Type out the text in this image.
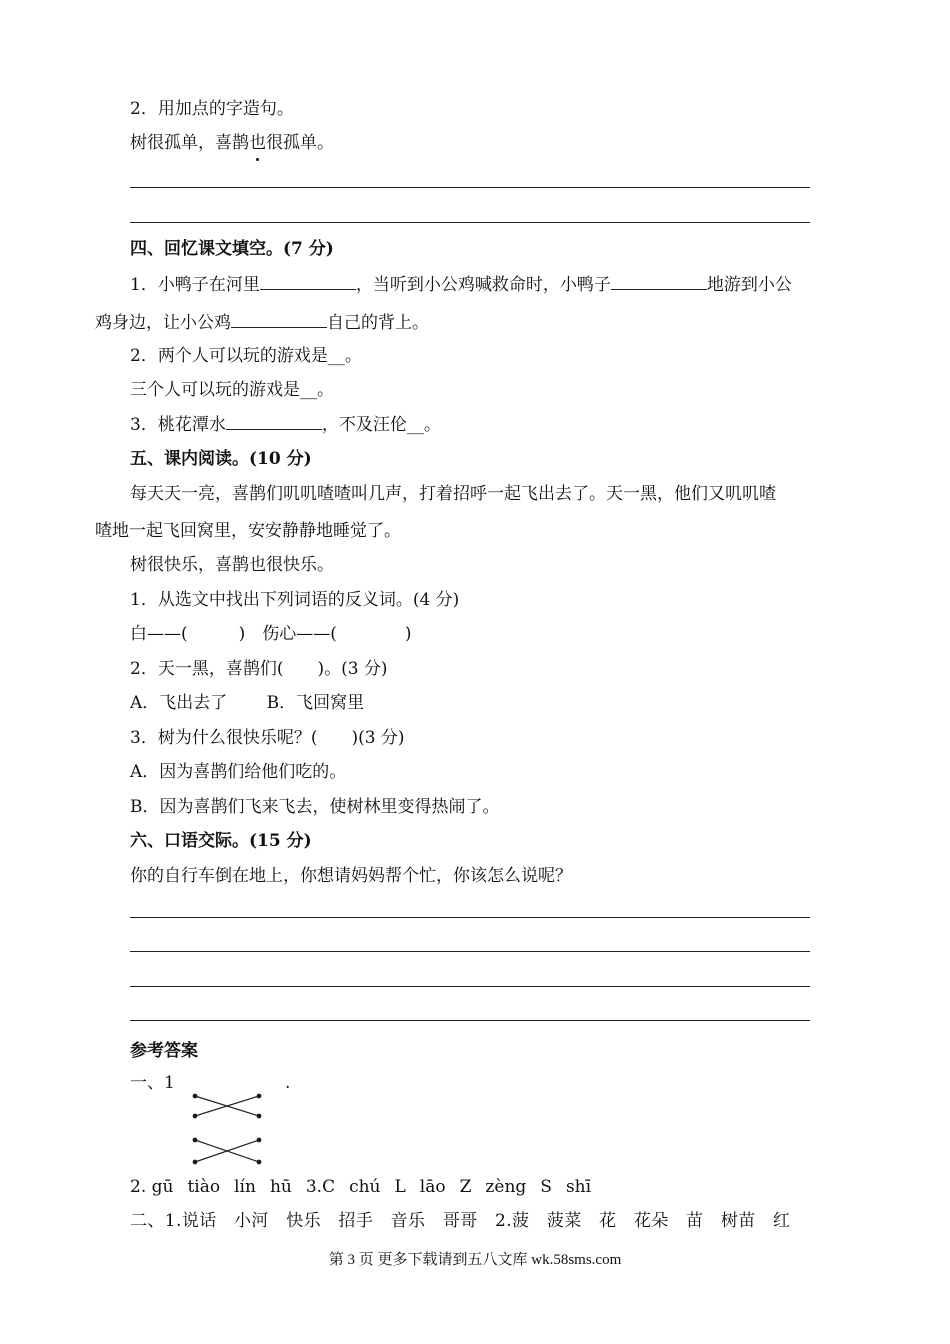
2．用加点的字造句。
树很孤单，喜鹊也很孤单。
四、回忆课文填空。(7 分)
1．小鸭子在河里	，当听到小公鸡喊救命时，小鸭子	地游到小公
鸡身边，让小公鸡	自己的背上。
2．两个人可以玩的游戏是__。
三个人可以玩的游戏是__。
3．桃花潭水	，不及汪伦__。
五、课内阅读。(10 分)
每天天一亮，喜鹊们叽叽喳喳叫几声，打着招呼一起飞出去了。天一黑，他们又叽叽喳
喳地一起飞回窝里，安安静静地睡觉了。
树很快乐，喜鹊也很快乐。
1．从选文中找出下列词语的反义词。(4 分)
白——(　　　)　伤心——(　　　　)
2．天一黑，喜鹊们(　　)。(3 分)
A．飞出去了　　 B．飞回窝里
3．树为什么很快乐呢？(　　)(3 分)
A．因为喜鹊们给他们吃的。
B．因为喜鹊们飞来飞去，使树林里变得热闹了。
六、口语交际。(15 分)
你的自行车倒在地上，你想请妈妈帮个忙，你该怎么说呢？
参考答案
一、1	.
2. gū tiào lín hū 3.C chú L lāo Z zèng S shī
二、1.说话　小河　快乐　招手　音乐　哥哥　2.菠　菠菜　花　花朵　苗　树苗　红
第 3 页 更多下载请到五八文库 wk.58sms.com
